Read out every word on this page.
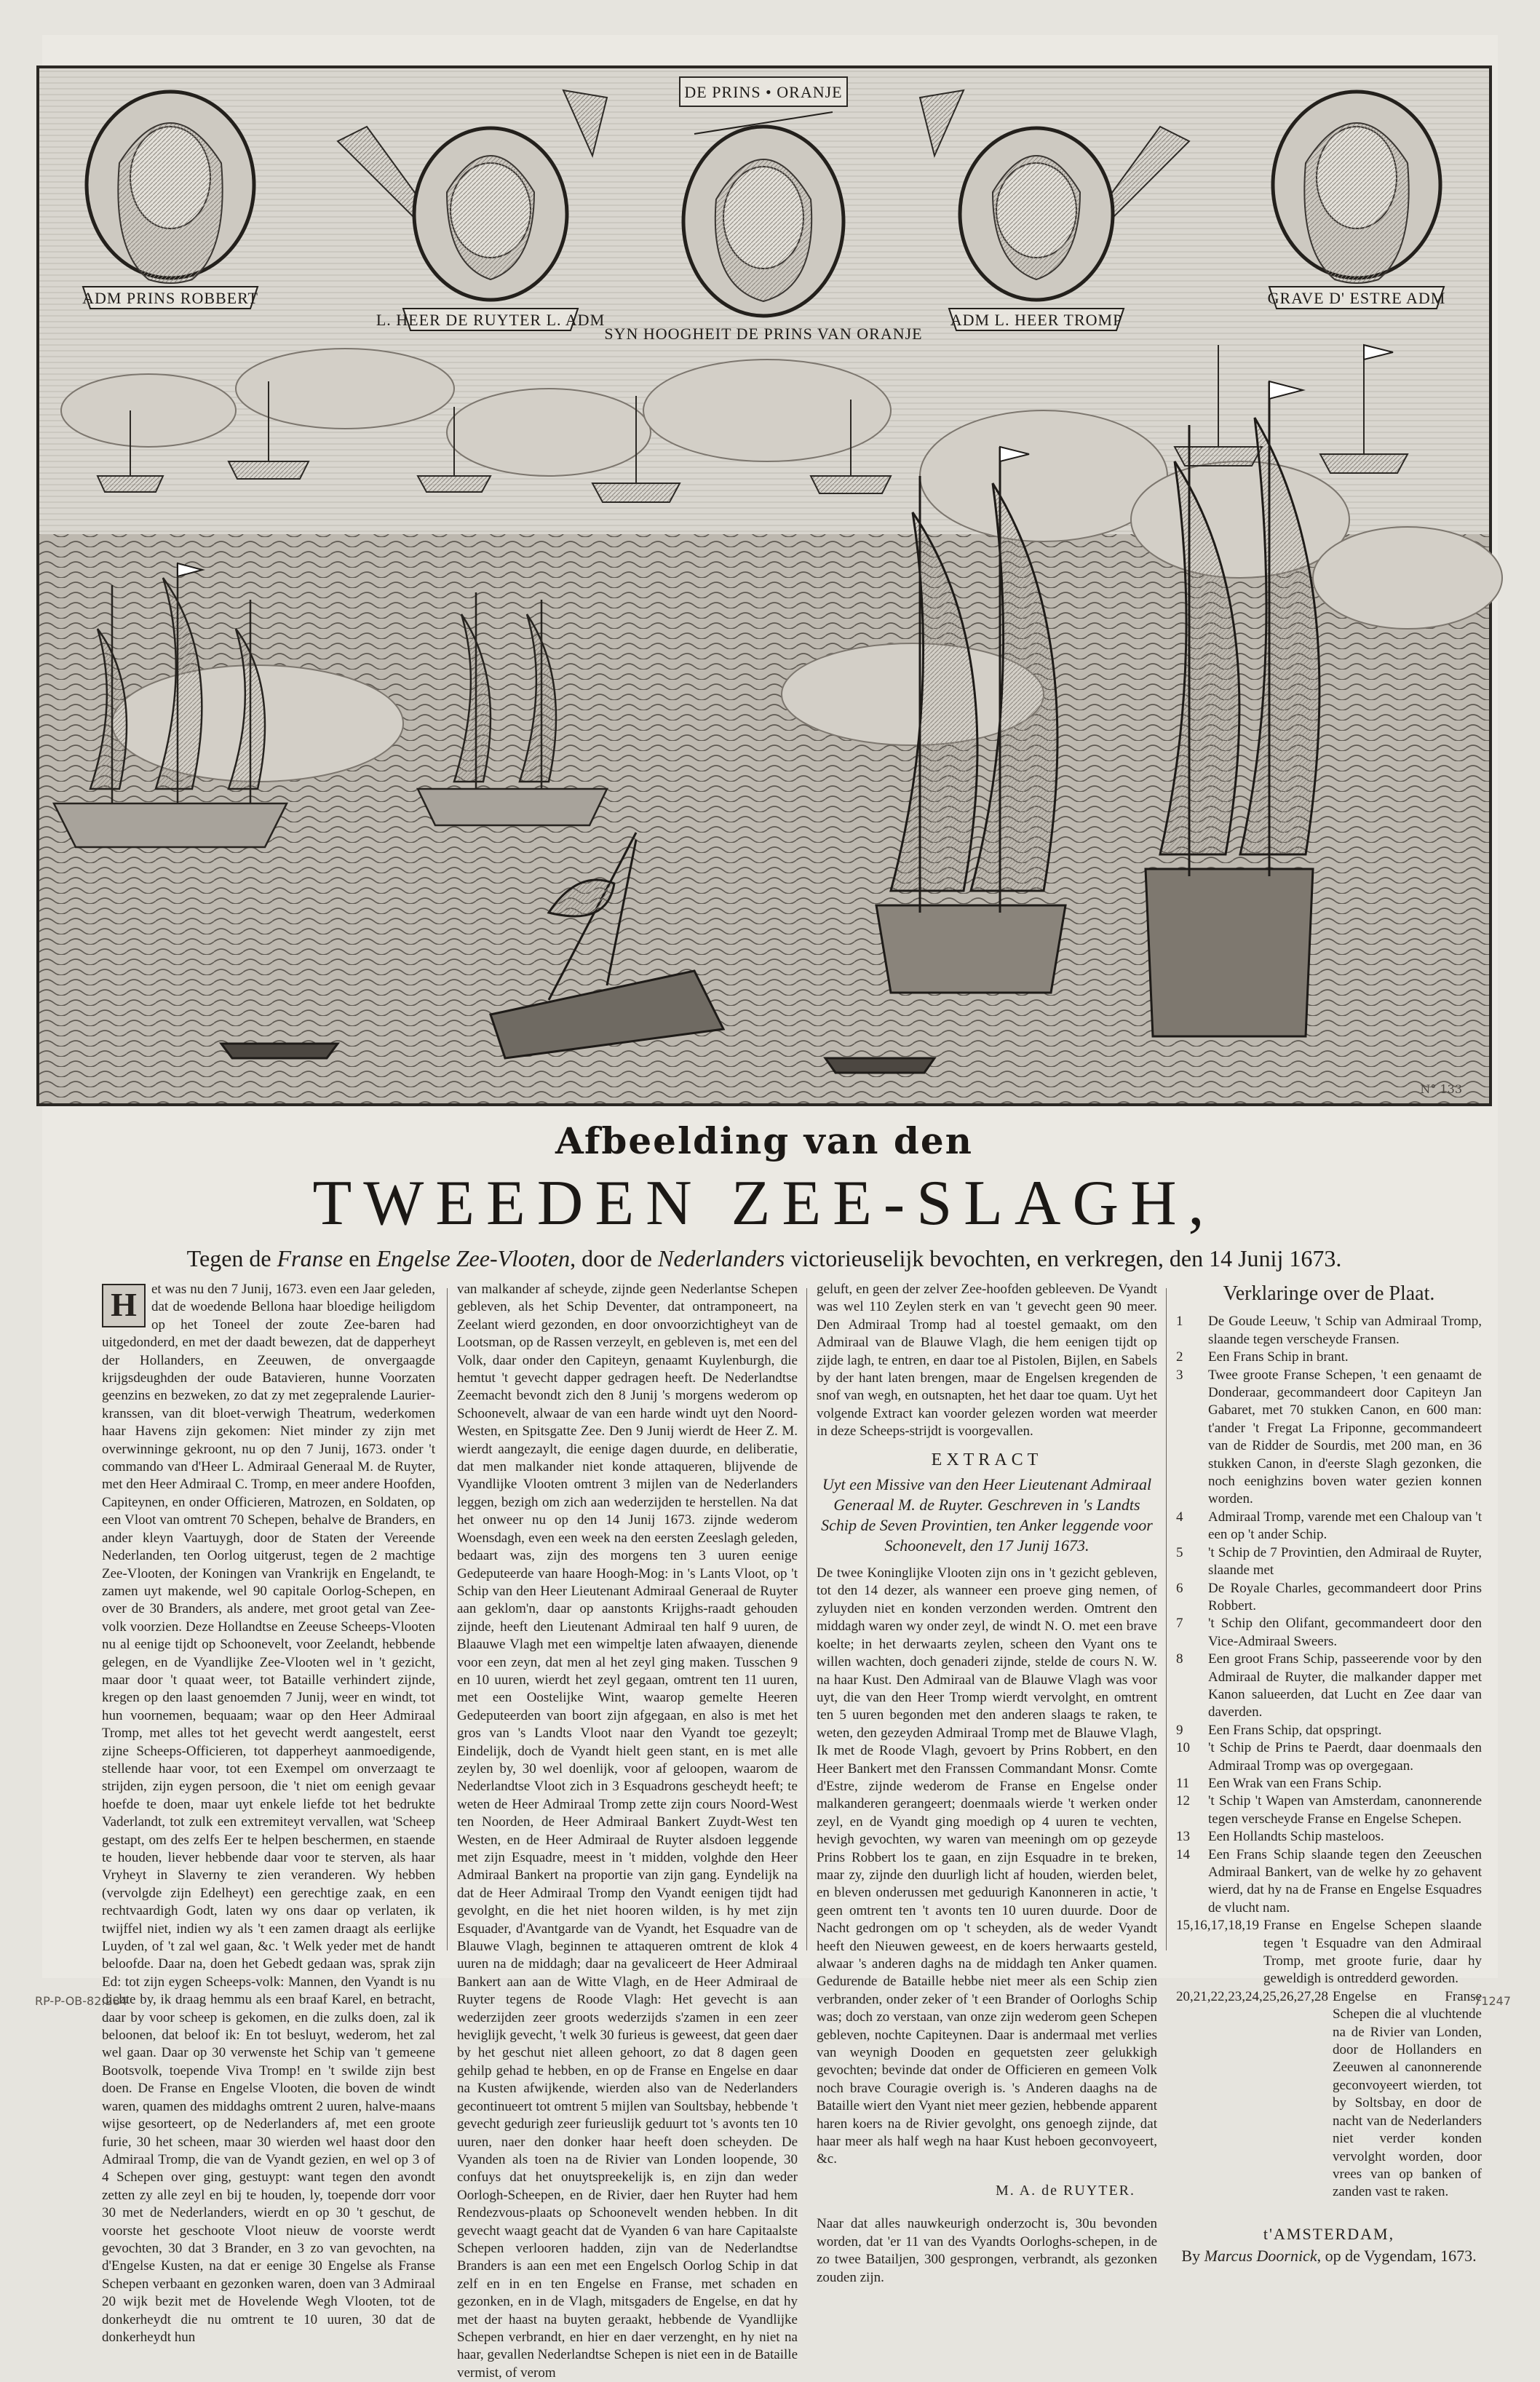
DE PRINS • ORANJE
ADM PRINS ROBBERT
L. HEER DE RUYTER L. ADM
SYN HOOGHEIT DE PRINS VAN ORANJE
ADM L. HEER TROMP
GRAVE D' ESTRE ADM
N° 133
Afbeelding van den
TWEEDEN ZEE-SLAGH,
Tegen de Franse en Engelse Zee-Vlooten, door de Nederlanders victorieuselijk bevochten, en verkregen, den 14 Junij 1673.
H	et was nu den 7 Junij, 1673. even een Jaar geleden, dat de woedende Bellona haar bloedige heiligdom op het Toneel der zoute Zee-baren had uitgedonderd, en met der daadt bewezen, dat de dapperheyt der Hollanders, en Zeeuwen, de onvergaagde krijgsdeughden der oude Batavieren, hunne Voorzaten geenzins en bezweken, zo dat zy met zegepralende Laurier-kranssen, van dit bloet-verwigh Theatrum, wederkomen haar Havens zijn gekomen: Niet minder zy zijn met overwinninge gekroont, nu op den 7 Junij, 1673. onder 't commando van d'Heer L. Admiraal Generaal M. de Ruyter, met den Heer Admiraal C. Tromp, en meer andere Hoofden, Capiteynen, en onder Officieren, Matrozen, en Soldaten, op een Vloot van omtrent 70 Schepen, behalve de Branders, en ander kleyn Vaartuygh, door de Staten der Vereende Nederlanden, ten Oorlog uitgerust, tegen de 2 machtige Zee-Vlooten, der Koningen van Vrankrijk en Engelandt, te zamen uyt makende, wel 90 capitale Oorlog-Schepen, en over de 30 Branders, als andere, met groot getal van Zee-volk voorzien. Deze Hollandtse en Zeeuse Scheeps-Vlooten nu al eenige tijdt op Schoonevelt, voor Zeelandt, hebbende gelegen, en de Vyandlijke Zee-Vlooten wel in 't gezicht, maar door 't quaat weer, tot Bataille verhindert zijnde, kregen op den laast genoemden 7 Junij, weer en windt, tot hun voornemen, bequaam; waar op den Heer Admiraal Tromp, met alles tot het gevecht werdt aangestelt, eerst zijne Scheeps-Officieren, tot dapperheyt aanmoedigende, stellende haar voor, tot een Exempel om onverzaagt te strijden, zijn eygen persoon, die 't niet om eenigh gevaar hoefde te doen, maar uyt enkele liefde tot het bedrukte Vaderlandt, tot zulk een extremiteyt vervallen, wat 'Scheep gestapt, om des zelfs Eer te helpen beschermen, en staende te houden, liever hebbende daar voor te sterven, als haar Vryheyt in Slaverny te zien veranderen. Wy hebben (vervolgde zijn Edelheyt) een gerechtige zaak, en een rechtvaardigh Godt, laten wy ons daar op verlaten, ik twijffel niet, indien wy als 't een zamen draagt als eerlijke Luyden, of 't zal wel gaan, &c. 't Welk yeder met de handt beloofde. Daar na, doen het Gebedt gedaan was, sprak zijn Ed: tot zijn eygen Scheeps-volk: Mannen, den Vyandt is nu dichte by, ik draag hemmu als een braaf Karel, en betracht, daar by voor scheep is gekomen, en die zulks doen, zal ik beloonen, dat beloof ik: En tot besluyt, wederom, het zal wel gaan. Daar op 30 verwenste het Schip van 't gemeene Bootsvolk, toepende Viva Tromp! en 't swilde zijn best doen. De Franse en Engelse Vlooten, die boven de windt waren, quamen des middaghs omtrent 2 uuren, halve-maans wijse gesorteert, op de Nederlanders af, met een groote furie, 30 het scheen, maar 30 wierden wel haast door den Admiraal Tromp, die van de Vyandt gezien, en wel op 3 of 4 Schepen over ging, gestuypt: want tegen den avondt zetten zy alle zeyl en bij te houden, ly, toepende dorr voor 30 met de Nederlanders, wierdt en op 30 't geschut, de voorste het geschoote Vloot nieuw de voorste werdt gevochten, 30 dat 3 Brander, en 3 zo van gevochten, na d'Engelse Kusten, na dat er eenige 30 Engelse als Franse Schepen verbaant en gezonken waren, doen van 3 Admiraal 20 wijk bezit met de Hovelende Wegh Vlooten, tot de donkerheydt die nu omtrent te 10 uuren, 30 dat de donkerheydt hun

van malkander af scheyde, zijnde geen Nederlantse Schepen gebleven, als het Schip Deventer, dat ontramponeert, na Zeelant wierd gezonden, en door onvoorzichtigheyt van de Lootsman, op de Rassen verzeylt, en gebleven is, met een del Volk, daar onder den Capiteyn, genaamt Kuylenburgh, die hemtut 't gevecht dapper gedragen heeft. De Nederlandtse Zeemacht bevondt zich den 8 Junij 's morgens wederom op Schoonevelt, alwaar de van een harde windt uyt den Noord-Westen, en Spitsgatte Zee. Den 9 Junij wierdt de Heer Z. M. wierdt aangezaylt, die eenige dagen duurde, en deliberatie, dat men malkander niet konde attaqueren, blijvende de Vyandlijke Vlooten omtrent 3 mijlen van de Nederlanders leggen, bezigh om zich aan wederzijden te herstellen. Na dat het onweer nu op den 14 Junij 1673. zijnde wederom Woensdagh, even een week na den eersten Zeeslagh geleden, bedaart was, zijn des morgens ten 3 uuren eenige Gedeputeerde van haare Hoogh-Mog: in 's Lants Vloot, op 't Schip van den Heer Lieutenant Admiraal Generaal de Ruyter aan geklom'n, daar op aanstonts Krijghs-raadt gehouden zijnde, heeft den Lieutenant Admiraal ten half 9 uuren, de Blaauwe Vlagh met een wimpeltje laten afwaayen, dienende voor een zeyn, dat men al het zeyl ging maken. Tusschen 9 en 10 uuren, wierdt het zeyl gegaan, omtrent ten 11 uuren, met een Oostelijke Wint, waarop gemelte Heeren Gedeputeerden van boort zijn afgegaan, en also is met het gros van 's Landts Vloot naar den Vyandt toe gezeylt; Eindelijk, doch de Vyandt hielt geen stant, en is met alle zeylen by, 30 wel doenlijk, voor af geloopen, waarom de Nederlandtse Vloot zich in 3 Esquadrons gescheydt heeft; te weten de Heer Admiraal Tromp zette zijn cours Noord-West ten Noorden, de Heer Admiraal Bankert Zuydt-West ten Westen, en de Heer Admiraal de Ruyter alsdoen leggende met zijn Esquadre, meest in 't midden, volghde den Heer Admiraal Bankert na proportie van zijn gang. Eyndelijk na dat de Heer Admiraal Tromp den Vyandt eenigen tijdt had gevolght, en die het niet hooren wilden, is hy met zijn Esquader, d'Avantgarde van de Vyandt, het Esquadre van de Blauwe Vlagh, beginnen te attaqueren omtrent de klok 4 uuren na de middagh; daar na gevaliceert de Heer Admiraal Bankert aan aan de Witte Vlagh, en de Heer Admiraal de Ruyter tegens de Roode Vlagh: Het gevecht is aan wederzijden zeer groots wederzijds s'zamen in een zeer heviglijk gevecht, 't welk 30 furieus is geweest, dat geen daer by het geschut niet alleen gehoort, zo dat 8 dagen geen gehilp gehad te hebben, en op de Franse en Engelse en daar na Kusten afwijkende, wierden also van de Nederlanders gecontinueert tot omtrent 5 mijlen van Soultsbay, hebbende 't gevecht gedurigh zeer furieuslijk geduurt tot 's avonts ten 10 uuren, naer den donker haar heeft doen scheyden. De Vyanden als toen na de Rivier van Londen loopende, 30 confuys dat het onuytspreekelijk is, en zijn dan weder Oorlogh-Scheepen, en de Rivier, daer hen Ruyter had hem Rendezvous-plaats op Schoonevelt wenden hebben. In dit gevecht waagt geacht dat de Vyanden 6 van hare Capitaalste Schepen verlooren hadden, zijn van de Nederlandtse Branders is aan een met een Engelsch Oorlog Schip in dat zelf en in en ten Engelse en Franse, met schaden en gezonken, en in de Vlagh, mitsgaders de Engelse, en dat hy met der haast na buyten geraakt, hebbende de Vyandlijke Schepen verbrandt, en hier en daer verzenght, en hy niet na haar, gevallen Nederlandtse Schepen is niet een in de Bataille vermist, of verom

geluft, en geen der zelver Zee-hoofden gebleeven. De Vyandt was wel 110 Zeylen sterk en van 't gevecht geen 90 meer. Den Admiraal Tromp had al toestel gemaakt, om den Admiraal van de Blauwe Vlagh, die hem eenigen tijdt op zijde lagh, te entren, en daar toe al Pistolen, Bijlen, en Sabels by der hant laten brengen, maar de Engelsen kregenden de snof van wegh, en outsnapten, het het daar toe quam. Uyt het volgende Extract kan voorder gelezen worden wat meerder in deze Scheeps-strijdt is voorgevallen.

EXTRACT
Uyt een Missive van den Heer Lieutenant Admiraal Generaal M. de Ruyter. Geschreven in 's Landts Schip de Seven Provintien, ten Anker leggende voor Schoonevelt, den 17 Junij 1673.

De twee Koninglijke Vlooten zijn ons in 't gezicht gebleven, tot den 14 dezer, als wanneer een proeve ging nemen, of zyluyden niet en konden verzonden werden. Omtrent den middagh waren wy onder zeyl, de windt N. O. met een brave koelte; in het derwaarts zeylen, scheen den Vyant ons te willen wachten, doch genaderi zijnde, stelde de cours N. W. na haar Kust. Den Admiraal van de Blauwe Vlagh was voor uyt, die van den Heer Tromp wierdt vervolght, en omtrent ten 5 uuren begonden met den anderen slaags te raken, te weten, den gezeyden Admiraal Tromp met de Blauwe Vlagh, Ik met de Roode Vlagh, gevoert by Prins Robbert, en den Heer Bankert met den Franssen Commandant Monsr. Comte d'Estre, zijnde wederom de Franse en Engelse onder malkanderen gerangeert; doenmaals wierde 't werken onder zeyl, en de Vyandt ging moedigh op 4 uuren te vechten, hevigh gevochten, wy waren van meeningh om op gezeyde Prins Robbert los te gaan, en zijn Esquadre in te breken, maar zy, zijnde den duurligh licht af houden, wierden belet, en bleven onderussen met geduurigh Kanonneren in actie, 't geen omtrent ten 't avonts ten 10 uuren duurde. Door de Nacht gedrongen om op 't scheyden, als de weder Vyandt heeft den Nieuwen geweest, en de koers herwaarts gesteld, alwaar 's anderen daghs na de middagh ten Anker quamen. Gedurende de Bataille hebbe niet meer als een Schip zien verbranden, onder zeker of 't een Brander of Oorloghs Schip was; doch zo verstaan, van onze zijn wederom geen Schepen gebleven, nochte Capiteynen. Daar is andermaal met verlies van weynigh Dooden en gequetsten zeer gelukkigh gevochten; bevinde dat onder de Officieren en gemeen Volk noch brave Couragie overigh is. 's Anderen daaghs na de Bataille wiert den Vyant niet meer gezien, hebbende apparent haren koers na de Rivier gevolght, ons genoegh zijnde, dat haar meer als half wegh na haar Kust heboen geconvoyeert, &c.

M. A. de RUYTER.

Naar dat alles nauwkeurigh onderzocht is, 30u bevonden worden, dat 'er 11 van des Vyandts Oorloghs-schepen, in de zo twee Batailjen, 300 gesprongen, verbrandt, als gezonken zouden zijn.

Verklaringe over de Plaat.
1	De Goude Leeuw, 't Schip van Admiraal Tromp, slaande tegen verscheyde Fransen.
2	Een Frans Schip in brant.
3	Twee groote Franse Schepen, 't een genaamt de Donderaar, gecommandeert door Capiteyn Jan Gabaret, met 70 stukken Canon, en 600 man: t'ander 't Fregat La Friponne, gecommandeert van de Ridder de Sourdis, met 200 man, en 36 stukken Canon, in d'eerste Slagh gezonken, die noch eenighzins boven water gezien konnen worden.
4	Admiraal Tromp, varende met een Chaloup van 't een op 't ander Schip.
5	't Schip de 7 Provintien, den Admiraal de Ruyter, slaande met
6	De Royale Charles, gecommandeert door Prins Robbert.
7	't Schip den Olifant, gecommandeert door den Vice-Admiraal Sweers.
8	Een groot Frans Schip, passeerende voor by den Admiraal de Ruyter, die malkander dapper met Kanon salueerden, dat Lucht en Zee daar van daverden.
9	Een Frans Schip, dat opspringt.
10	't Schip de Prins te Paerdt, daar doenmaals den Admiraal Tromp was op overgegaan.
11	Een Wrak van een Frans Schip.
12	't Schip 't Wapen van Amsterdam, canonnerende tegen verscheyde Franse en Engelse Schepen.
13	Een Hollandts Schip masteloos.
14	Een Frans Schip slaande tegen den Zeeuschen Admiraal Bankert, van de welke hy zo gehavent wierd, dat hy na de Franse en Engelse Esquadres de vlucht nam.
15,16,17,18,19 Franse en Engelse Schepen slaande tegen 't Esquadre van den Admiraal Tromp, met groote furie, daar hy geweldigh is ontredderd geworden.
20,21,22,23,24,25,26,27,28 Engelse en Franse Schepen die al vluchtende na de Rivier van Londen, door de Hollanders en Zeeuwen al canonnerende geconvoyeert wierden, tot by Soltsbay, en door de nacht van de Nederlanders niet verder konden vervolght worden, door vrees van op banken of zanden vast te raken.
t'AMSTERDAM,
By Marcus Doornick, op de Vygendam, 1673.
RP-P-OB-82.284	71247
